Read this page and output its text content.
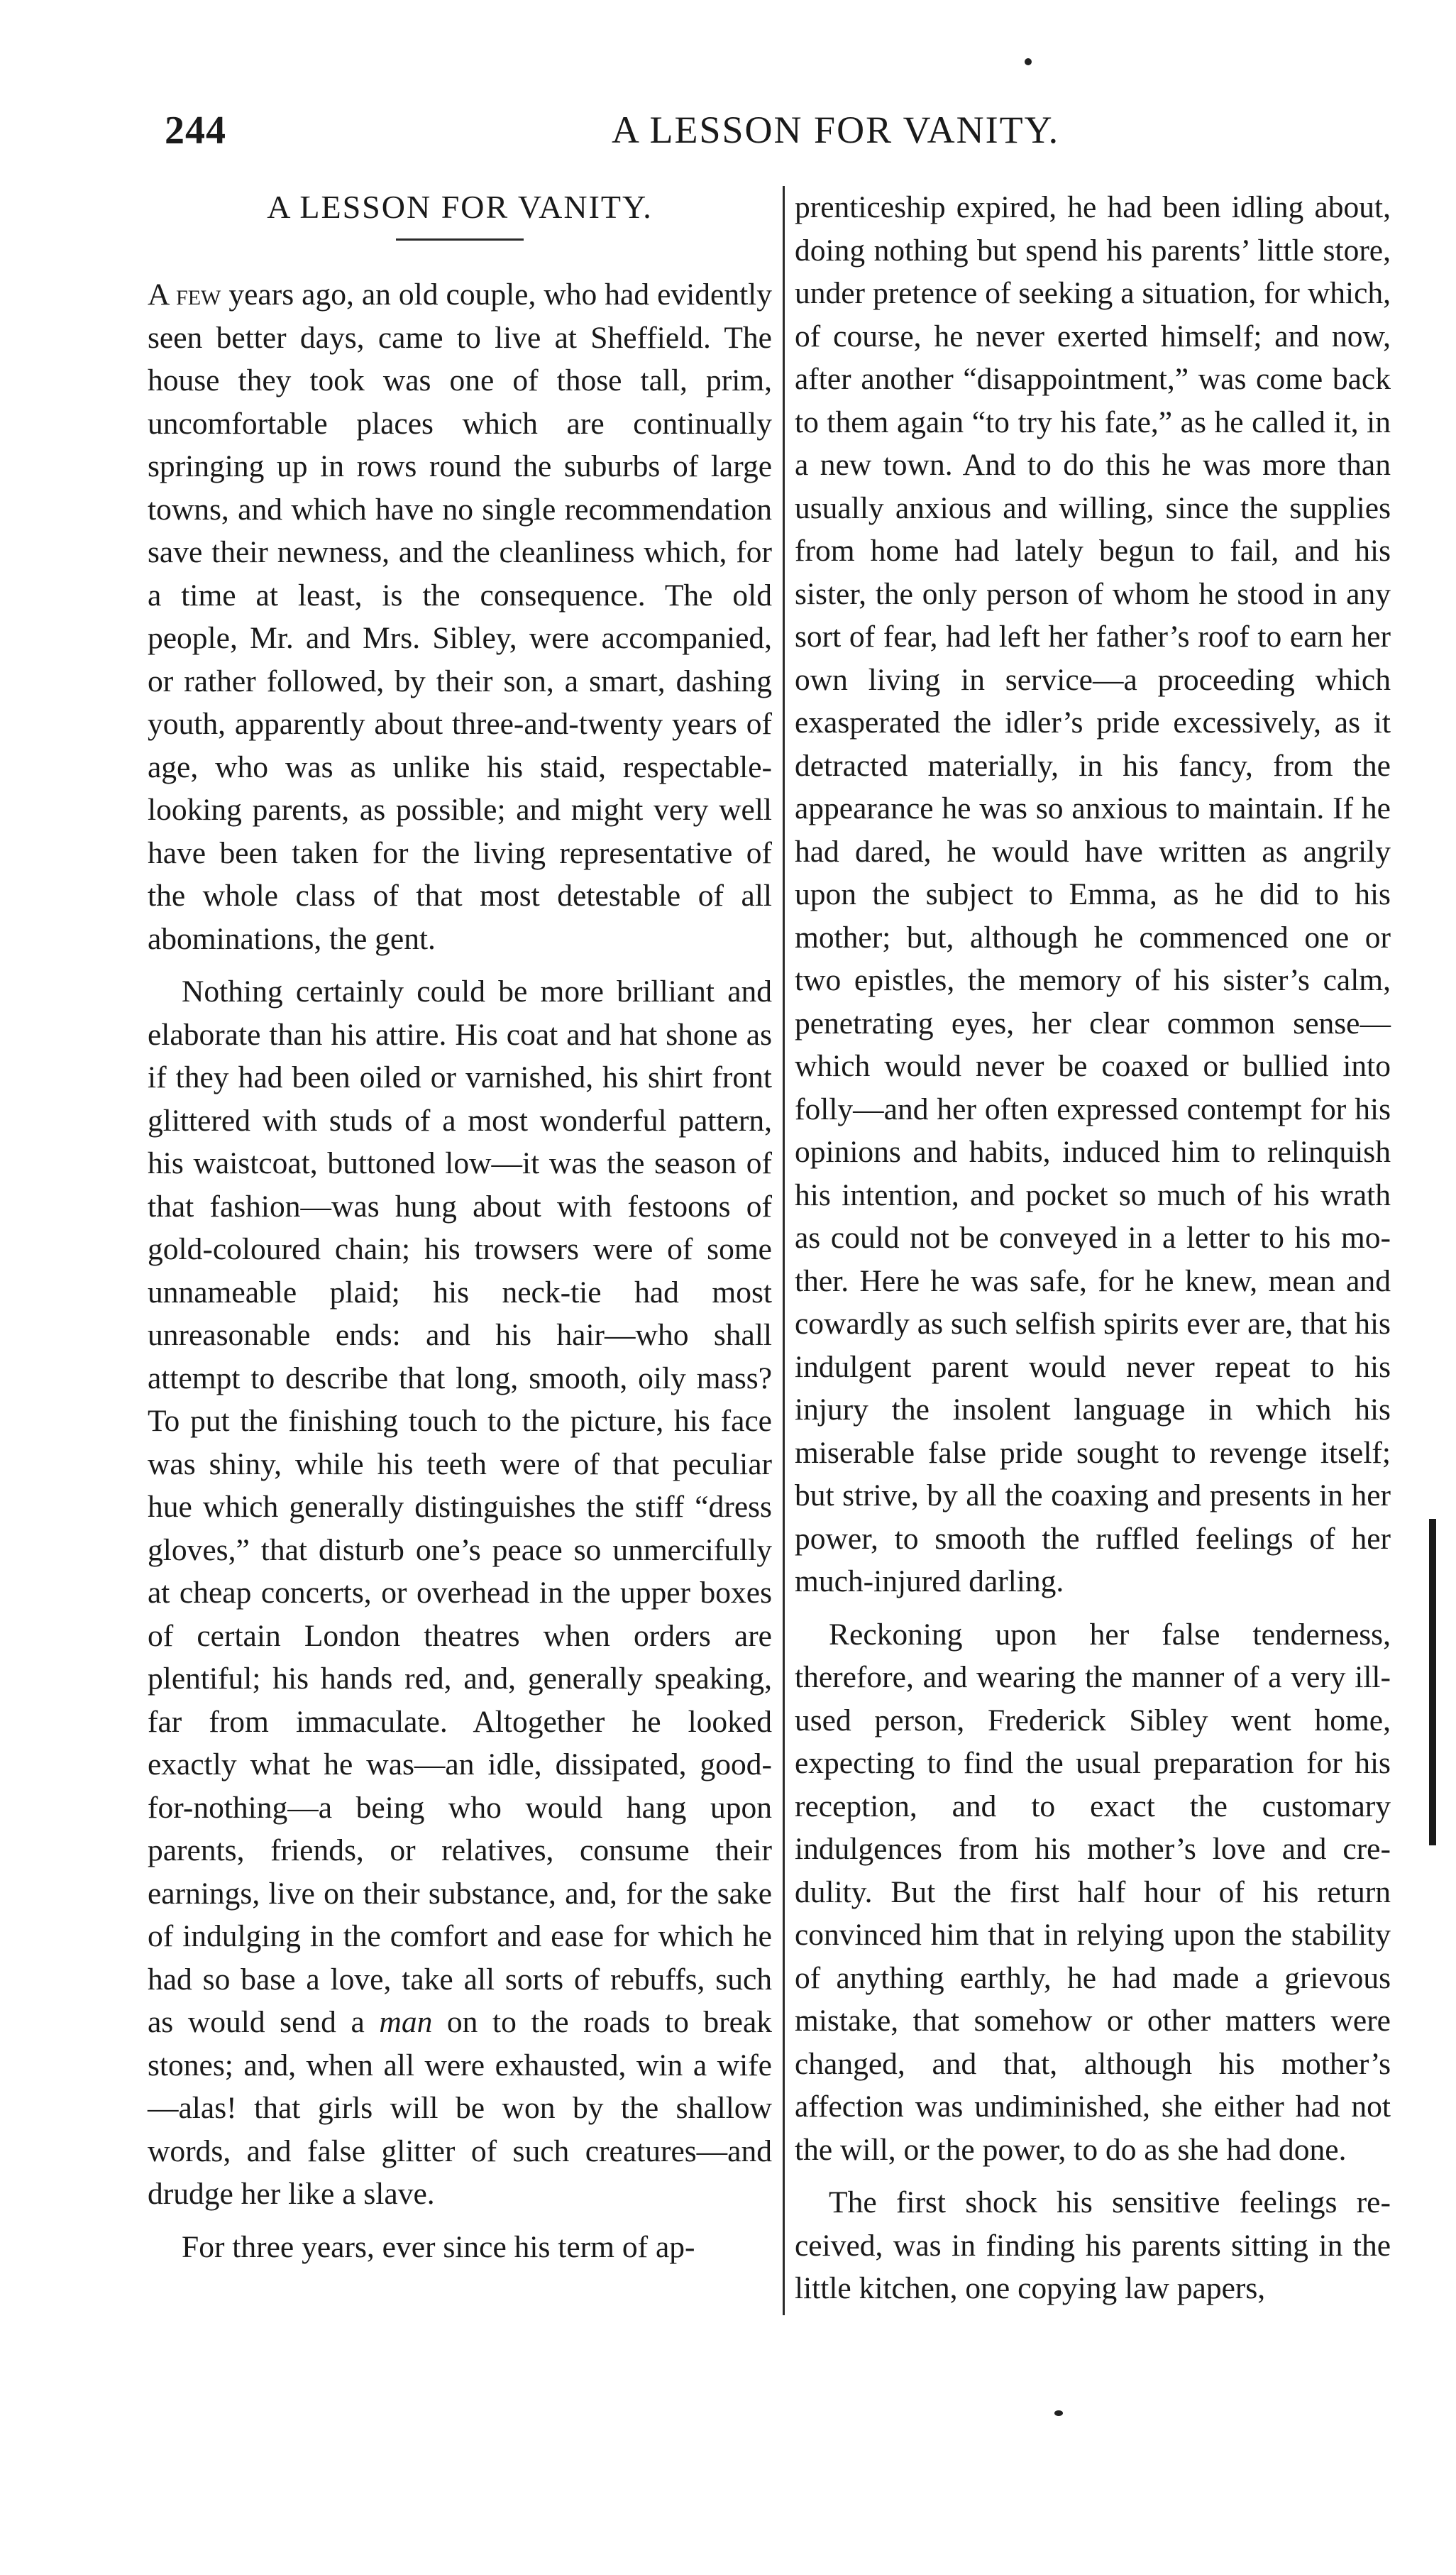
244	A LESSON FOR VANITY.
A LESSON FOR VANITY.

A few years ago, an old couple, who had evidently seen better days, came to live at Sheffield. The house they took was one of those tall, prim, uncomfortable places which are continually springing up in rows round the suburbs of large towns, and which have no single recommendation save their newness, and the cleanliness which, for a time at least, is the consequence. The old people, Mr. and Mrs. Sibley, were accompanied, or rather followed, by their son, a smart, dashing youth, apparently about three-and-twenty years of age, who was as unlike his staid, respectable-looking parents, as possible; and might very well have been taken for the living representative of the whole class of that most detestable of all abominations, the gent.

Nothing certainly could be more brilliant and elaborate than his attire. His coat and hat shone as if they had been oiled or varnished, his shirt front glittered with studs of a most wonderful pattern, his waistcoat, buttoned low—it was the season of that fashion—was hung about with festoons of gold-coloured chain; his trowsers were of some unnameable plaid; his neck-tie had most unreasonable ends: and his hair—who shall attempt to describe that long, smooth, oily mass? To put the finishing touch to the picture, his face was shiny, while his teeth were of that peculiar hue which generally distinguishes the stiff “dress gloves,” that disturb one’s peace so unmercifully at cheap concerts, or overhead in the upper boxes of certain London theatres when orders are plentiful; his hands red, and, generally speaking, far from immaculate. Altogether he looked exactly what he was—an idle, dissipated, good-for-nothing—a being who would hang upon parents, friends, or relatives, consume their earnings, live on their substance, and, for the sake of indulging in the comfort and ease for which he had so base a love, take all sorts of rebuffs, such as would send a man on to the roads to break stones; and, when all were exhausted, win a wife—alas! that girls will be won by the shallow words, and false glitter of such creatures—and drudge her like a slave.

For three years, ever since his term of ap-

prenticeship expired, he had been idling about, doing nothing but spend his parents’ little store, under pretence of seeking a situation, for which, of course, he never exerted himself; and now, after another “disappointment,” was come back to them again “to try his fate,” as he called it, in a new town. And to do this he was more than usually anxious and willing, since the supplies from home had lately begun to fail, and his sister, the only person of whom he stood in any sort of fear, had left her father’s roof to earn her own living in service—a proceeding which exasperated the idler’s pride excessively, as it detracted materially, in his fancy, from the appearance he was so anxious to maintain. If he had dared, he would have written as angrily upon the subject to Emma, as he did to his mother; but, although he commenced one or two epistles, the memory of his sister’s calm, penetrating eyes, her clear common sense—which would never be coaxed or bullied into folly—and her often expressed contempt for his opinions and habits, induced him to relinquish his intention, and pocket so much of his wrath as could not be conveyed in a letter to his mother. Here he was safe, for he knew, mean and cowardly as such selfish spirits ever are, that his indulgent parent would never repeat to his injury the insolent language in which his miserable false pride sought to revenge itself; but strive, by all the coaxing and presents in her power, to smooth the ruffled feelings of her much-injured darling.

Reckoning upon her false tenderness, therefore, and wearing the manner of a very ill-used person, Frederick Sibley went home, expecting to find the usual preparation for his reception, and to exact the customary indulgences from his mother’s love and credulity. But the first half hour of his return convinced him that in relying upon the stability of anything earthly, he had made a grievous mistake, that somehow or other matters were changed, and that, although his mother’s affection was undiminished, she either had not the will, or the power, to do as she had done.

The first shock his sensitive feelings received, was in finding his parents sitting in the little kitchen, one copying law papers,
